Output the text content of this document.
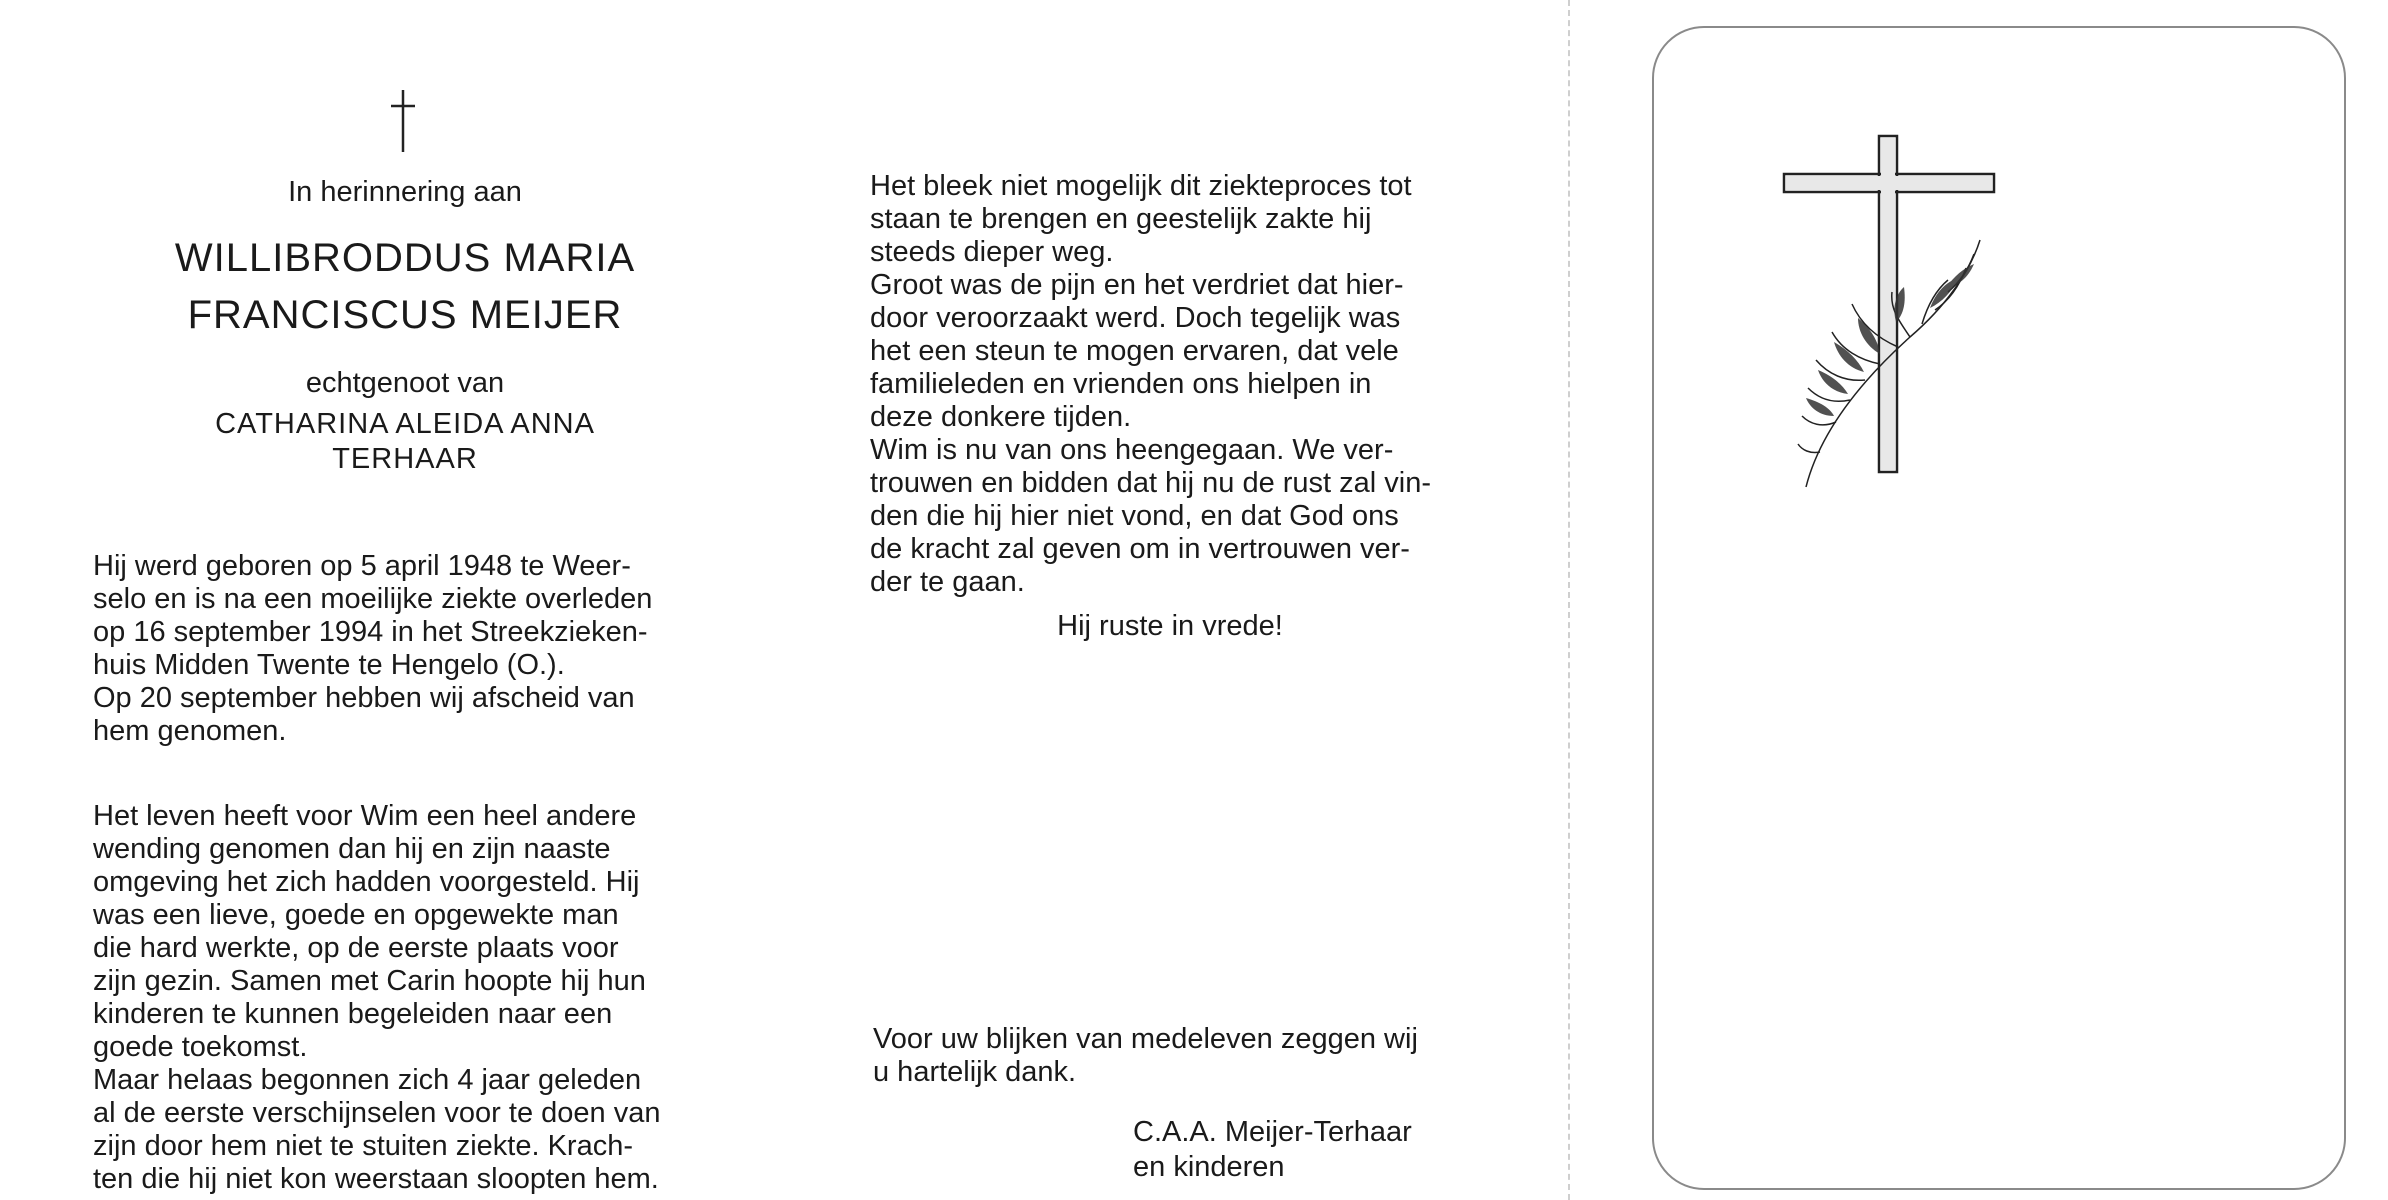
In herinnering aan
WILLIBRODDUS MARIA
FRANCISCUS MEIJER
echtgenoot van
CATHARINA ALEIDA ANNA
TERHAAR
Hij werd geboren op 5 april 1948 te Weer-
selo en is na een moeilijke ziekte overleden
op 16 september 1994 in het Streekzieken-
huis Midden Twente te Hengelo (O.).
Op 20 september hebben wij afscheid van
hem genomen.
Het leven heeft voor Wim een heel andere
wending genomen dan hij en zijn naaste
omgeving het zich hadden voorgesteld. Hij
was een lieve, goede en opgewekte man
die hard werkte, op de eerste plaats voor
zijn gezin. Samen met Carin hoopte hij hun
kinderen te kunnen begeleiden naar een
goede toekomst.
Maar helaas begonnen zich 4 jaar geleden
al de eerste verschijnselen voor te doen van
zijn door hem niet te stuiten ziekte. Krach-
ten die hij niet kon weerstaan sloopten hem.
Het bleek niet mogelijk dit ziekteproces tot
staan te brengen en geestelijk zakte hij
steeds dieper weg.
Groot was de pijn en het verdriet dat hier-
door veroorzaakt werd. Doch tegelijk was
het een steun te mogen ervaren, dat vele
familieleden en vrienden ons hielpen in
deze donkere tijden.
Wim is nu van ons heengegaan. We ver-
trouwen en bidden dat hij nu de rust zal vin-
den die hij hier niet vond, en dat God ons
de kracht zal geven om in vertrouwen ver-
der te gaan.
Hij ruste in vrede!
Voor uw blijken van medeleven zeggen wij
u hartelijk dank.
C.A.A. Meijer-Terhaar
en kinderen
